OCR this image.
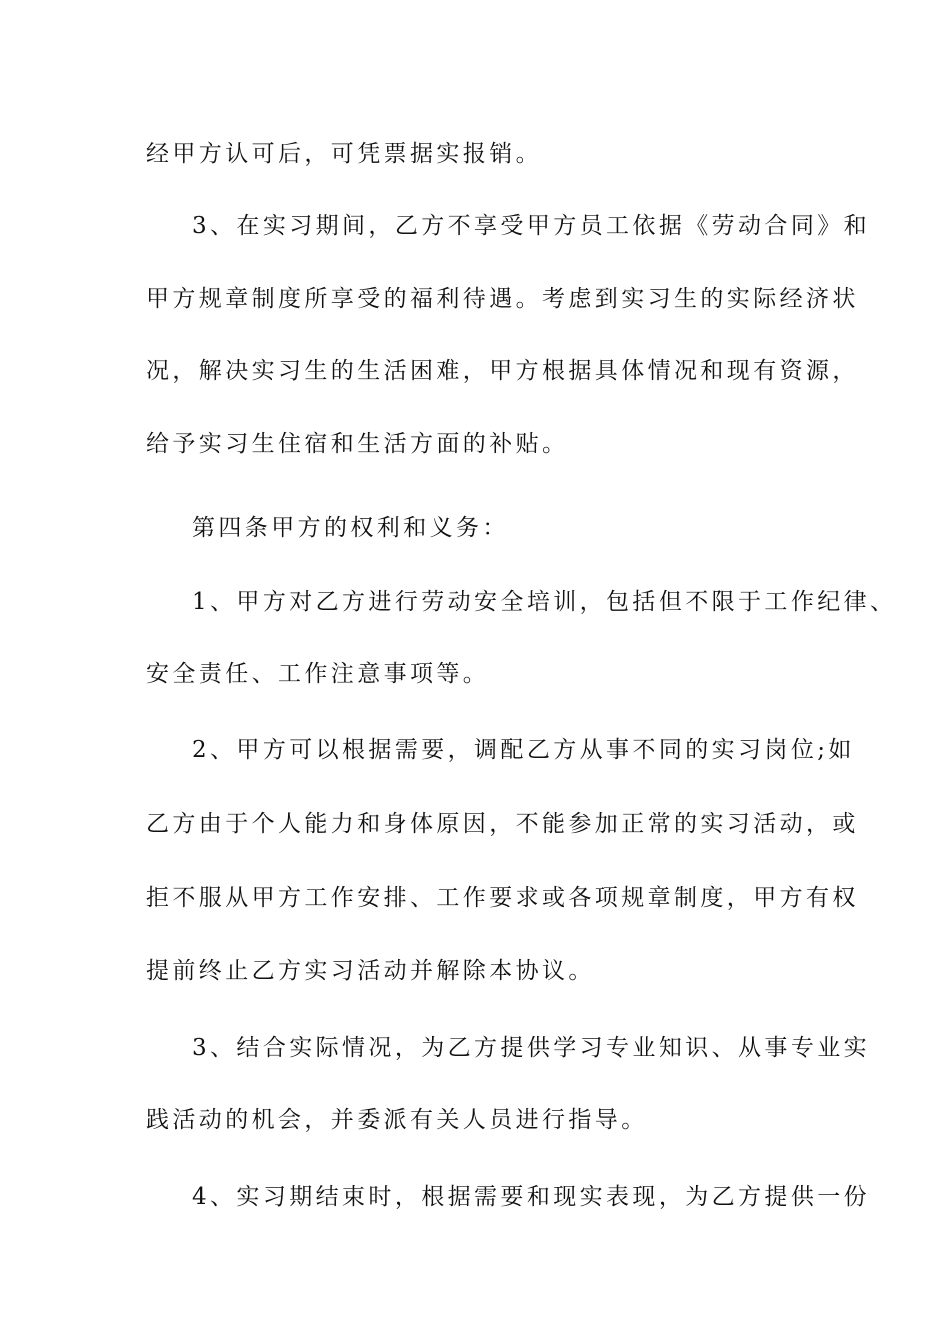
经甲方认可后，可凭票据实报销。
3、在实习期间，乙方不享受甲方员工依据《劳动合同》和
甲方规章制度所享受的福利待遇。考虑到实习生的实际经济状
况，解决实习生的生活困难，甲方根据具体情况和现有资源，
给予实习生住宿和生活方面的补贴。
第四条甲方的权利和义务：
1、甲方对乙方进行劳动安全培训，包括但不限于工作纪律、
安全责任、工作注意事项等。
2、甲方可以根据需要，调配乙方从事不同的实习岗位;如
乙方由于个人能力和身体原因，不能参加正常的实习活动，或
拒不服从甲方工作安排、工作要求或各项规章制度，甲方有权
提前终止乙方实习活动并解除本协议。
3、结合实际情况，为乙方提供学习专业知识、从事专业实
践活动的机会，并委派有关人员进行指导。
4、实习期结束时，根据需要和现实表现，为乙方提供一份
